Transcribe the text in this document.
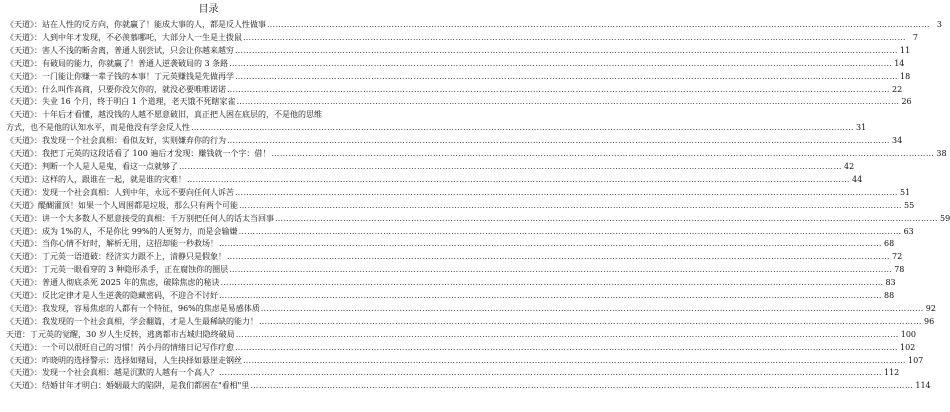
目录
《天道》：站在人性的反方向，你就赢了！能成大事的人，都是反人性做事 ………………………………………………………………………………………………………………………………………………………………………………………………………………	3
《天道》：人到中年才发现，不必羡慕哪吒，大部分人一生是土拨鼠 ………………………………………………………………………………………………………………………………………………………………………………………………………………	7
《天道》：害人不浅的断舍离，普通人别尝试，只会让你越来越穷 ………………………………………………………………………………………………………………………………………………………………………………………………………………	11
《天道》：有破局的能力，你就赢了！普通人逆袭破局的 3 条路 ………………………………………………………………………………………………………………………………………………………………………………………………………………	14
《天道》：一门能让你赚一辈子钱的本事！丁元英赚钱是先做再学 ………………………………………………………………………………………………………………………………………………………………………………………………………………	18
《天道》：什么叫作高商，只要你没欠你的，就没必要唯唯诺诺 ………………………………………………………………………………………………………………………………………………………………………………………………………………	22
《天道》：失业 16 个月，终于明白 1 个道理，老天饿不死瞎家雀 ………………………………………………………………………………………………………………………………………………………………………………………………………………	26
《天道》：十年后才看懂，越没钱的人越不愿意破旧，真正把人困在底层的，不是他的思维
方式，也不是他的认知水平，而是他没有学会反人性 ………………………………………………………………………………………………………………………………………………………………………………………………………………	31
《天道》：我发现一个社会真相：看似友好，实则嫌弃你的行为 ………………………………………………………………………………………………………………………………………………………………………………………………………………	34
《天道》：我把丁元英的这段话看了 100 遍后才发现：赚钱就一个字：借！ ………………………………………………………………………………………………………………………………………………………………………………………………………………	38
《天道》：判断一个人是人是鬼，看这一点就够了 ………………………………………………………………………………………………………………………………………………………………………………………………………………	42
《天道》：这样的人，跟谁在一起，就是谁的灾难！ ………………………………………………………………………………………………………………………………………………………………………………………………………………	44
《天道》：发现一个社会真相：人到中年，永远不要向任何人诉苦 ………………………………………………………………………………………………………………………………………………………………………………………………………………	51
《天道》醍醐灌顶！如果一个人周围都是垃圾，那么只有两个可能 ………………………………………………………………………………………………………………………………………………………………………………………………………………	55
《天道》：讲一个大多数人不愿意接受的真相：千万别把任何人的话太当回事 ………………………………………………………………………………………………………………………………………………………………………………………………………………	59
《天道》：成为 1%的人，不是你比 99%的人更努力，而是会输嫌 ………………………………………………………………………………………………………………………………………………………………………………………………………………	63
《天道》：当你心情不好时，解析无用，这招却能一秒救场！ ………………………………………………………………………………………………………………………………………………………………………………………………………………	68
《天道》：丁元英一语道破：经济实力跟不上，清静只是假象！ ………………………………………………………………………………………………………………………………………………………………………………………………………………	72
《天道》：丁元英一眼看穿的 3 种隐形杀手，正在腐蚀你的圈层 ………………………………………………………………………………………………………………………………………………………………………………………………………………	78
《天道》：普通人彻底杀死 2025 年的焦虑，破除焦虑的秘诀 ………………………………………………………………………………………………………………………………………………………………………………………………………………	83
《天道》：反比定律才是人生逆袭的隐藏密码，不迎合不讨好 ………………………………………………………………………………………………………………………………………………………………………………………………………………	88
《天道》：我发现，容易焦虑的人都有一个特征，96%的焦虑是易感体质 ………………………………………………………………………………………………………………………………………………………………………………………………………………	92
《天道》：我发现的一个社会真相，学会翻篇，才是人生最稀缺的能力！ ………………………………………………………………………………………………………………………………………………………………………………………………………………	96
天道：丁元英的觉醒，30 岁人生反转，逃离都市古城归隐终破局 ………………………………………………………………………………………………………………………………………………………………………………………………………………	100
《天道》：一个可以很旺自己的习惯！芮小丹的情绪日记写作疗愈 ………………………………………………………………………………………………………………………………………………………………………………………………………………	102
《天道》：咋晓明的选择警示：选择如赌局，人生抉择如悬崖走钢丝 ………………………………………………………………………………………………………………………………………………………………………………………………………………	107
《天道》：发现一个社会真相：越是沉默的人越有一个高人？ ………………………………………………………………………………………………………………………………………………………………………………………………………………	112
《天道》：结婚甘年才明白：婚姻最大的陷阱，是我们都困在"看相"里 ………………………………………………………………………………………………………………………………………………………………………………………………………………	114
